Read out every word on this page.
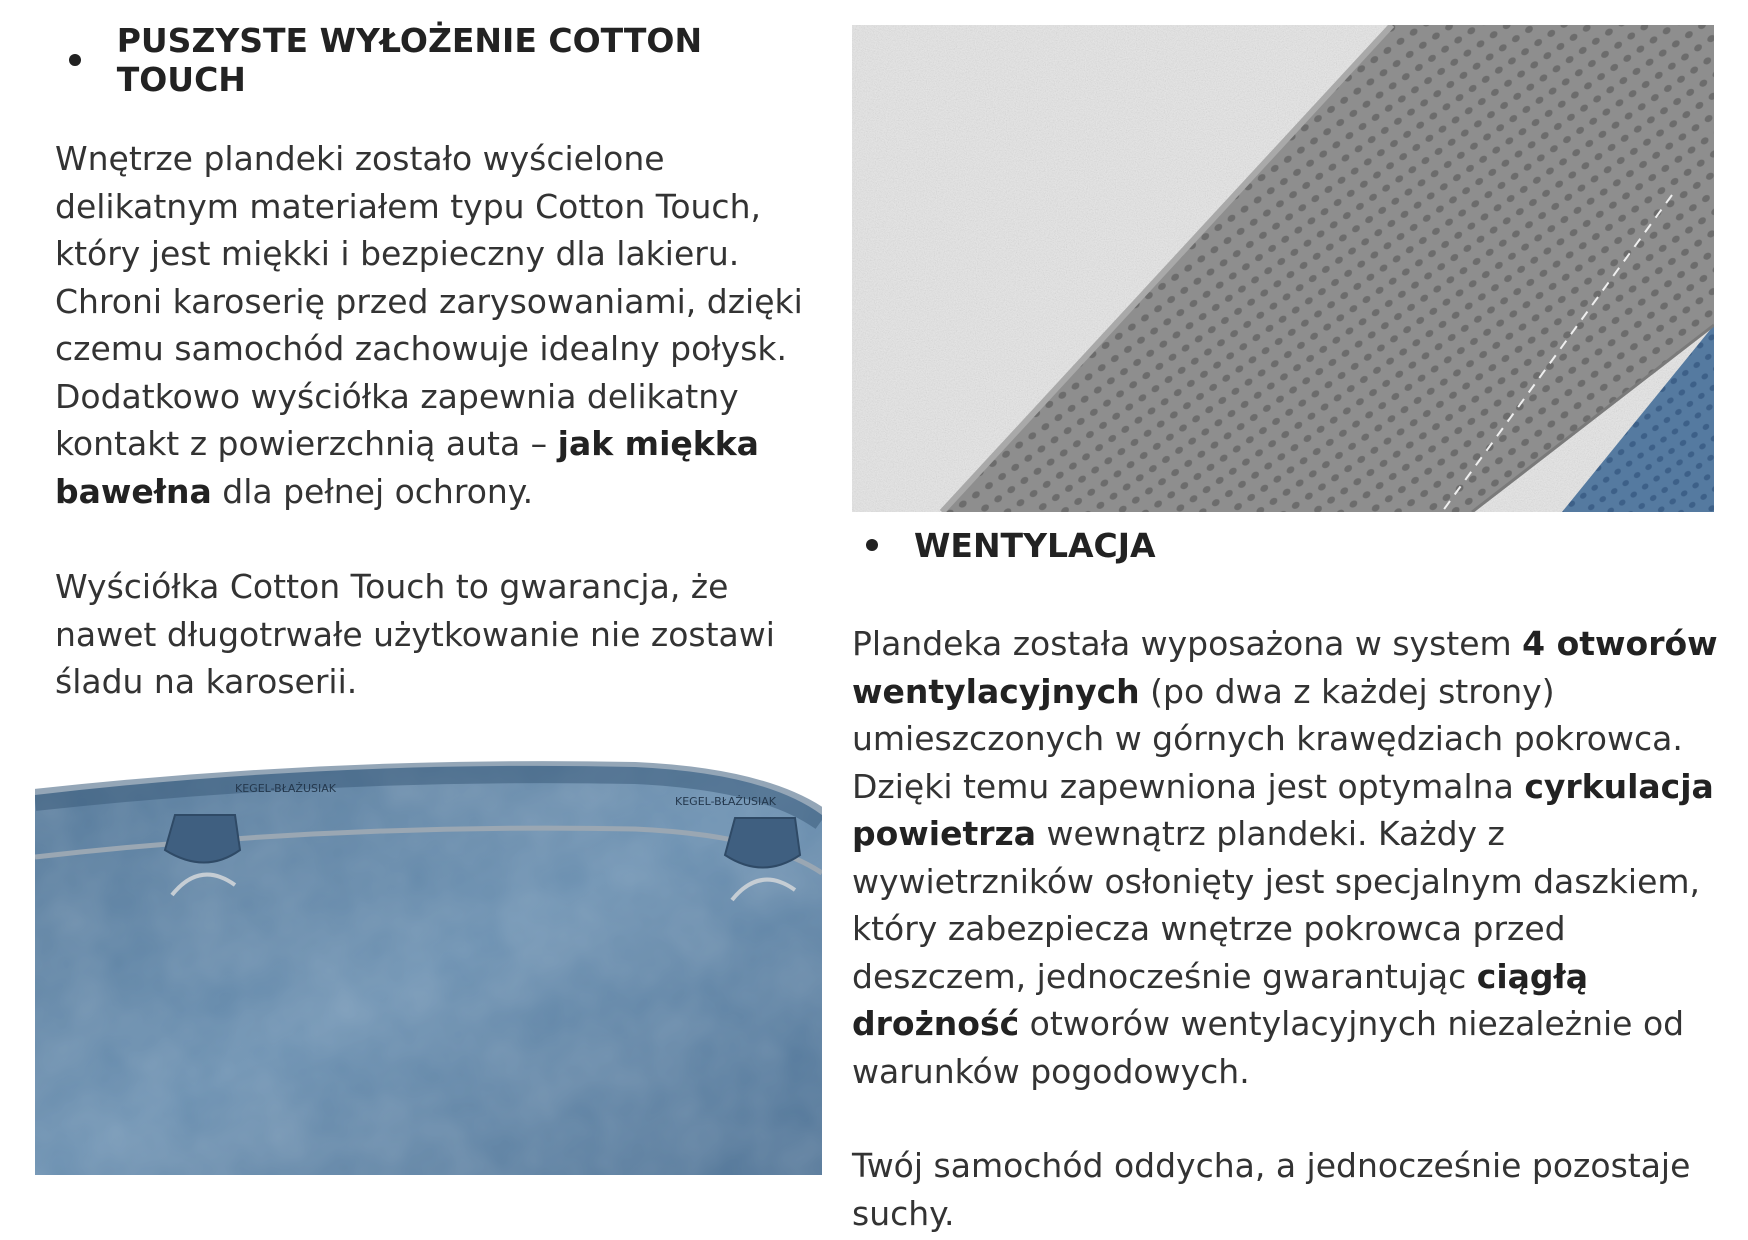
PUSZYSTE WYŁOŻENIE COTTON TOUCH

Wnętrze plandeki zostało wyścielone delikatnym materiałem typu Cotton Touch, który jest miękki i bezpieczny dla lakieru. Chroni karoserię przed zarysowaniami, dzięki czemu samochód zachowuje idealny połysk. Dodatkowo wyściółka zapewnia delikatny kontakt z powierzchnią auta – jak miękka bawełna dla pełnej ochrony.

Wyściółka Cotton Touch to gwarancja, że nawet długotrwałe użytkowanie nie zostawi śladu na karoserii.

KEGEL-BŁAŻUSIAK
KEGEL-BŁAŻUSIAK
WENTYLACJA

Plandeka została wyposażona w system 4 otworów wentylacyjnych (po dwa z każdej strony) umieszczonych w górnych krawędziach pokrowca. Dzięki temu zapewniona jest optymalna cyrkulacja powietrza wewnątrz plandeki. Każdy z wywietrzników osłonięty jest specjalnym daszkiem, który zabezpiecza wnętrze pokrowca przed deszczem, jednocześnie gwarantując ciągłą drożność otworów wentylacyjnych niezależnie od warunków pogodowych.

Twój samochód oddycha, a jednocześnie pozostaje suchy.
